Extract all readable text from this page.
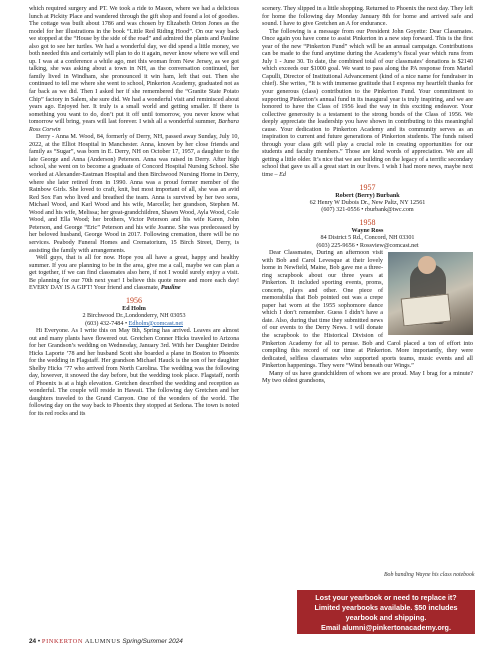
which required surgery and PT. We took a ride to Mason, where we had a delicious lunch at Pickity Place and wandered through the gift shop and found a lot of goodies. The cottage was built about 1786 and was chosen by Elizabeth Orton Jones as the model for her illustrations in the book “Little Red Riding Hood”. On our way back we stopped at the “House by the side of the road” and admired the plants and Pauline also got to see her turtles. We had a wonderful day, we did spend a little money, we both needed this and certainly will plan to do it again, never know where we will end up. I was at a conference a while ago, met this woman from New Jersey, as we got talking, she was asking about a town in NH, as the conversation continued, her family lived in Windham, she pronounced it win ham, left that out. Then she continued to tell me where she went to school, Pinkerton Academy, graduated not as far back as we did. Then I asked her if she remembered the “Granite State Potato Chip” factory in Salem, she sure did. We had a wonderful visit and reminisced about years ago. Enjoyed her. It truly is a small world and getting smaller. If there is something you want to do, don’t put it off until tomorrow, you never know what tomorrow will bring, years will last forever. I wish all a wonderful summer, Barbara Ross Corwin

Derry - Anna M. Wood, 84, formerly of Derry, NH, passed away Sunday, July 10, 2022, at the Elliot Hospital in Manchester. Anna, known by her close friends and family as “Sugar”, was born in E. Derry, NH on October 17, 1957, a daughter to the late George and Anna (Anderson) Peterson. Anna was raised in Derry. After high school, she went on to become a graduate of Concord Hospital Nursing School. She worked at Alexander-Eastman Hospital and then Birchwood Nursing Home in Derry, where she later retired from in 1990. Anna was a proud former member of the Rainbow Girls. She loved to craft, knit, but most important of all, she was an avid Red Sox Fan who lived and breathed the team. Anna is survived by her two sons, Michael Wood, and Karl Wood and his wife, Marcelle; her grandson, Stephen M. Wood and his wife, Melissa; her great-grandchildren, Shawn Wood, Ayla Wood, Cole Wood, and Ella Wood; her brothers, Victor Peterson and his wife Karen, John Peterson, and George “Eric” Peterson and his wife Joanne. She was predeceased by her beloved husband, George Wood in 2017. Following cremation, there will be no services. Peabody Funeral Homes and Crematorium, 15 Birch Street, Derry, is assisting the family with arrangements.

Well guys, that is all for now. Hope you all have a great, happy and healthy summer. If you are planning to be in the area, give me a call, maybe we can plan a get together, if we can find classmates also here, if not I would surely enjoy a visit. Be planning for our 70th next year! I believe this quote more and more each day! EVERY DAY IS A GIFT! Your friend and classmate, Pauline

1956
Ed Holm
2 Birchwood Dr.,Londonderry, NH 03053
(603) 432-7484 • Edholm@comcast.net

Hi Everyone. As I write this on May 8th, Spring has arrived. Leaves are almost out and many plants have flowered out. Gretchen Conner Hicks traveled to Arizona for her Grandson’s wedding on Wednesday, January 3rd. With her Daughter Deirdre Hicks Laporte ’78 and her husband Scott she boarded a plane in Boston to Phoenix for the wedding in Flagstaff. Her grandson Michael Hauck is the son of her daughter Shelby Hicks ’77 who arrived from North Carolina. The wedding was the following day, however, it snowed the day before, but the wedding took place. Flagstaff, north of Phoenix is at a high elevation. Gretchen described the wedding and reception as wonderful. The couple will reside in Hawaii. The following day Gretchen and her daughters traveled to the Grand Canyon. One of the wonders of the world. The following day on the way back to Phoenix they stopped at Sedona. The town is noted for its red rocks and its

scenery. They slipped in a little shopping. Returned to Phoenix the next day. They left for home the following day Monday January 8th for home and arrived safe and sound. I have to give Gretchen an A for endurance.

The following is a message from our President John Goyette: Dear Classmates. Once again you have come to assist Pinkerton in a new step forward. This is the first year of the new “Pinkerton Fund” which will be an annual campaign. Contributions can be made to the fund anytime during the Academy’s fiscal year which runs from July 1 - June 30. To date, the combined total of our classmates’ donations is $2140 which exceeds our $1000 goal. We want to pass along the PA response from Mariel Capulli, Director of Institutional Advancement (kind of a nice name for fundraiser in chief). She writes, “It is with immense gratitude that I express my heartfelt thanks for your generous (class) contribution to the Pinkerton Fund. Your commitment to supporting Pinkerton’s annual fund in its inaugural year is truly inspiring, and we are honored to have the Class of 1956 lead the way in this exciting endeavor. Your collective generosity is a testament to the strong bonds of the Class of 1956. We deeply appreciate the leadership you have shown in contributing to this meaningful cause. Your dedication to Pinkerton Academy and its community serves as an inspiration to current and future generations of Pinkerton students. The funds raised through your class gift will play a crucial role in creating opportunities for our students and faculty members.” Those are kind words of appreciation. We are all getting a little older. It’s nice that we are building on the legacy of a terrific secondary school that gave us all a great start in our lives. I wish I had more news, maybe next time – Ed

1957
Robert (Berry) Burbank
62 Henry W Dubois Dr., New Paltz, NY 12561
(607) 321-0556 • rburbank@twc.com
1958
Wayne Ross
84 District 5 Rd., Concord, NH 03301
(603) 225-9656 • Rossview@comcast.net

Dear Classmates, During an afternoon visit with Bob and Carol Levesque at their lovely home in Newfield, Maine, Bob gave me a three-ring scrapbook about our three years at Pinkerton. It included sporting events, proms, concerts, plays and other. One piece of memorabilia that Bob pointed out was a crepe paper hat worn at the 1955 sophomore dance which I don’t remember. Guess I didn’t have a date. Also, during that time they submitted news of our events to the Derry News. I will donate the scrapbook to the Historical Division of Pinkerton Academy for all to peruse. Bob and Carol placed a ton of effort into compiling this record of our time at Pinkerton. More importantly, they were dedicated, selfless classmates who supported sports teams, music events and all Pinkerton happenings. They were “Wind beneath our Wings.”

Many of us have grandchildren of whom we are proud. May I brag for a minute? My two oldest grandsons,

Bob handing Wayne his class notebook
Lost your yearbook or need to replace it?
Limited yearbooks available. $50 includes
yearbook and shipping.
Email alumni@pinkertonacademy.org.
24 • PINKERTON ALUMNUS Spring/Summer 2024
